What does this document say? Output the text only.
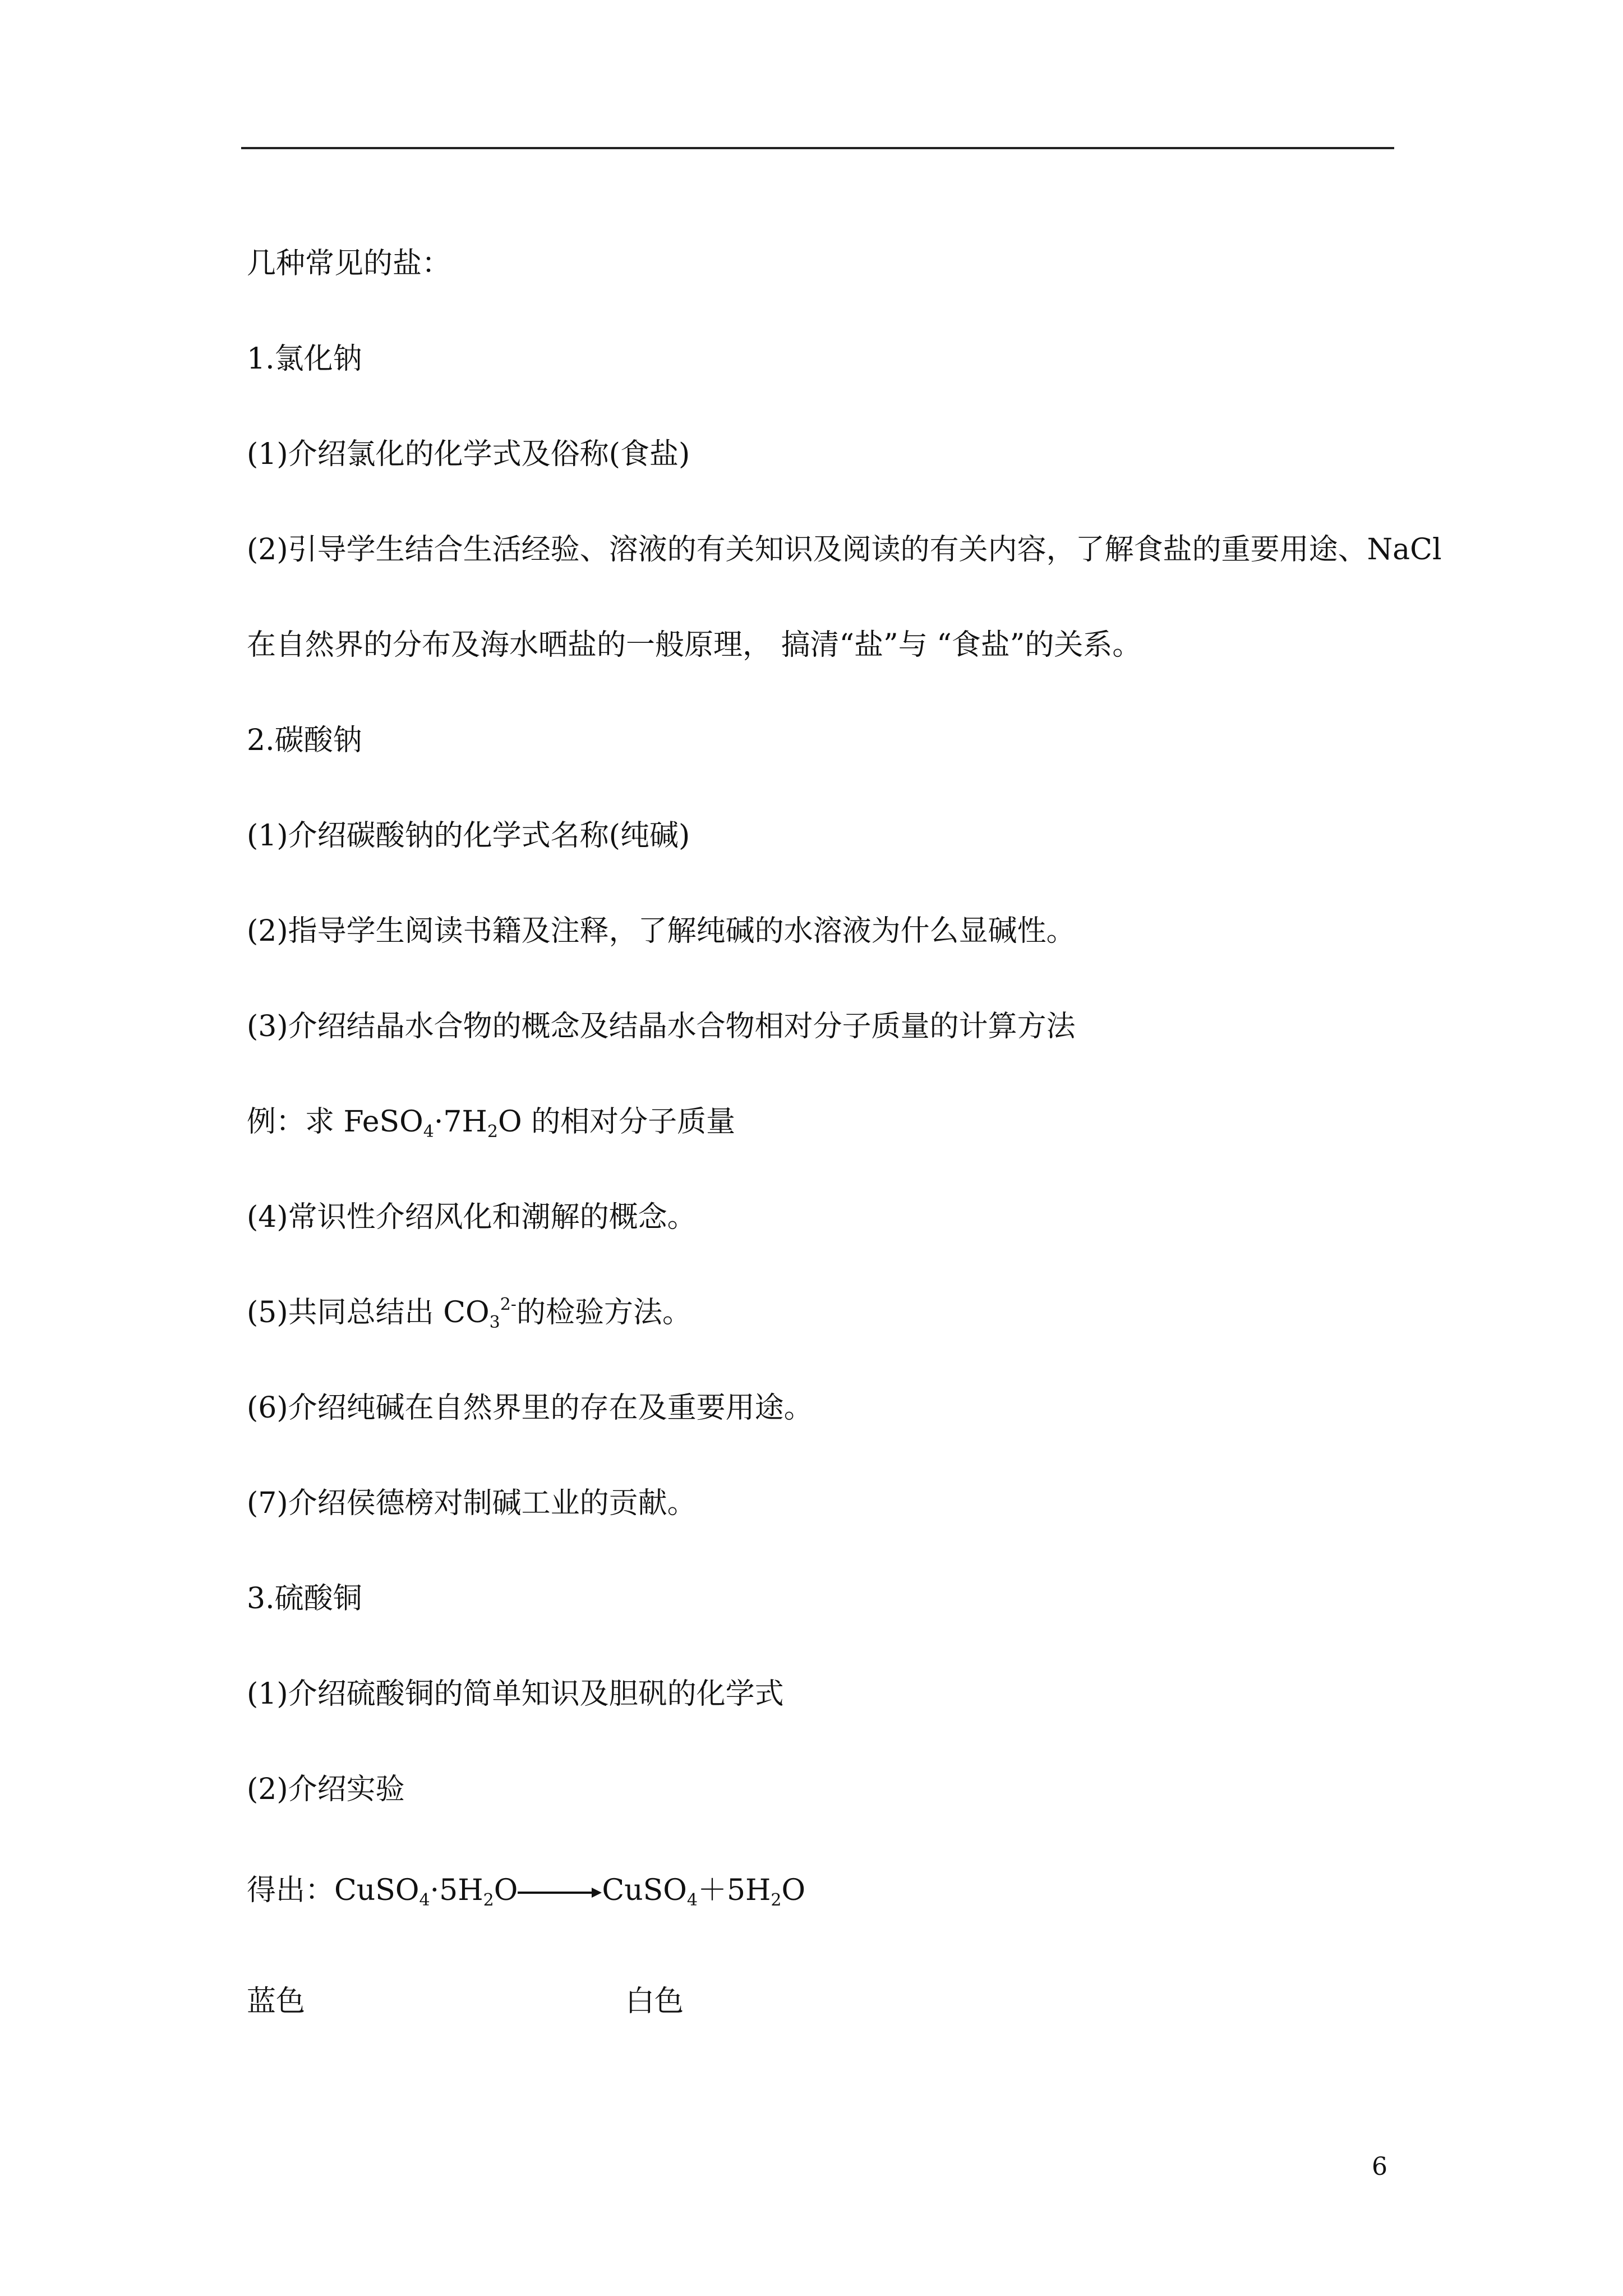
几种常见的盐：
1.氯化钠
(1)介绍氯化的化学式及俗称(食盐)
(2)引导学生结合生活经验、溶液的有关知识及阅读的有关内容，了解食盐的重要用途、NaCl
在自然界的分布及海水晒盐的一般原理， 搞清“盐”与 “食盐”的关系。
2.碳酸钠
(1)介绍碳酸钠的化学式名称(纯碱)
(2)指导学生阅读书籍及注释，了解纯碱的水溶液为什么显碱性。
(3)介绍结晶水合物的概念及结晶水合物相对分子质量的计算方法
例：求 $FeSO_4\cdot 7H_2O$ 的相对分子质量
(4)常识性介绍风化和潮解的概念。
(5)共同总结出 $CO_3^{2-}$的检验方法。
(6)介绍纯碱在自然界里的存在及重要用途。
(7)介绍侯德榜对制碱工业的贡献。
3.硫酸铜
(1)介绍硫酸铜的简单知识及胆矾的化学式
(2)介绍实验
得出：$CuSO_4\cdot 5H_2O$	$CuSO_4+5H_2O$
蓝色	白色
6
